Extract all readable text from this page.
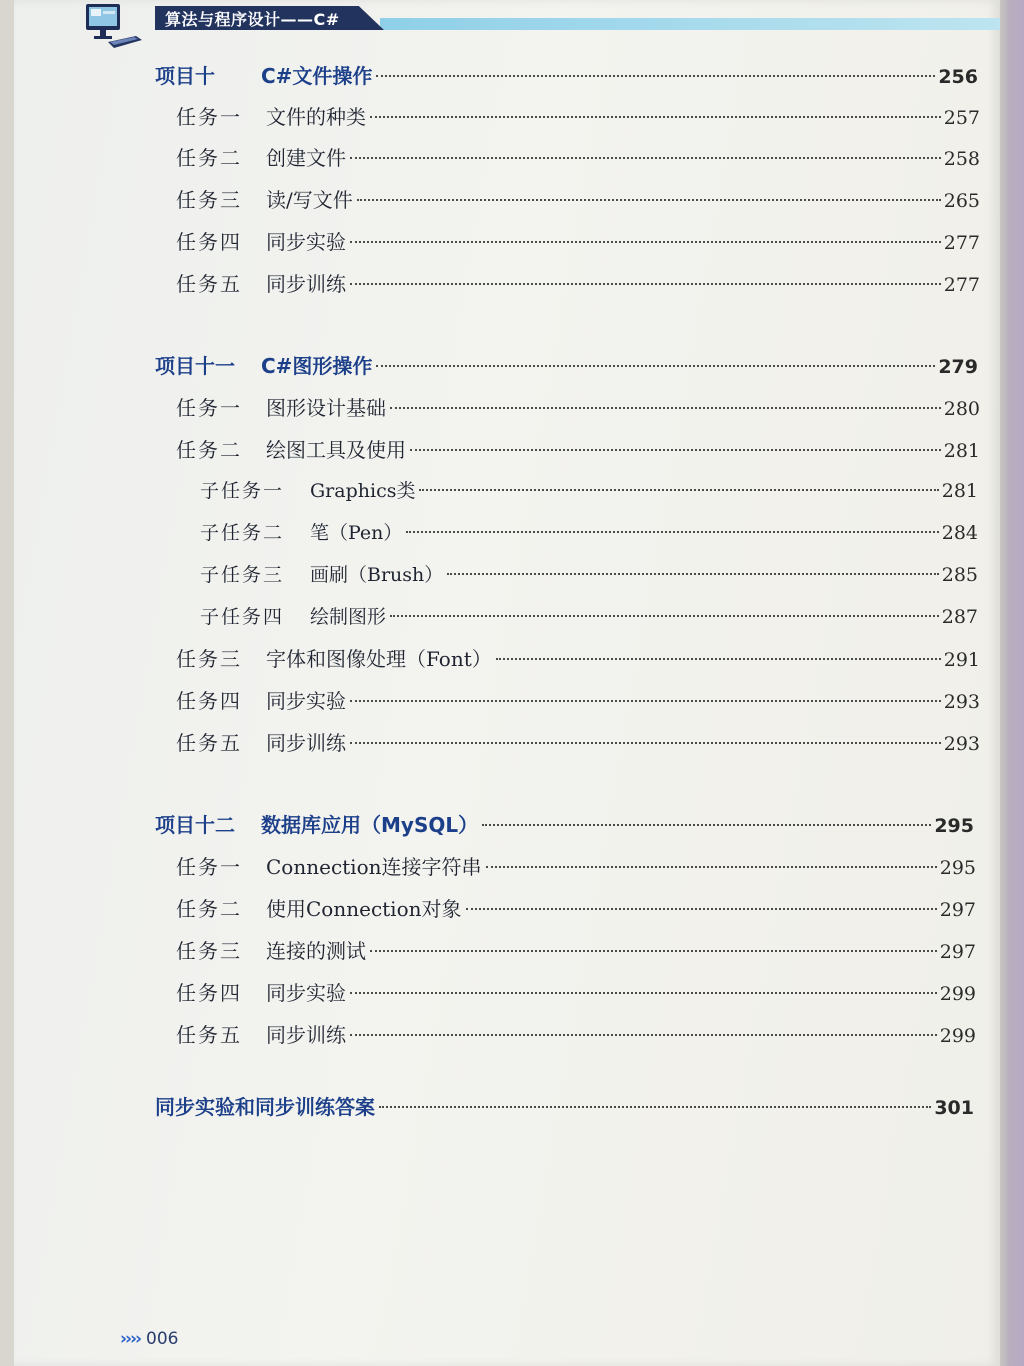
算法与程序设计——C#
项目十 C#文件操作	256
任务一 文件的种类	257
任务二 创建文件	258
任务三 读/写文件	265
任务四 同步实验	277
任务五 同步训练	277
项目十一 C#图形操作	279
任务一 图形设计基础	280
任务二 绘图工具及使用	281
子任务一 Graphics类	281
子任务二 笔（Pen）	284
子任务三 画刷（Brush）	285
子任务四 绘制图形	287
任务三 字体和图像处理（Font）	291
任务四 同步实验	293
任务五 同步训练	293
项目十二 数据库应用（MySQL）	295
任务一 Connection连接字符串	295
任务二 使用Connection对象	297
任务三 连接的测试	297
任务四 同步实验	299
任务五 同步训练	299
同步实验和同步训练答案	301
›››› 006
